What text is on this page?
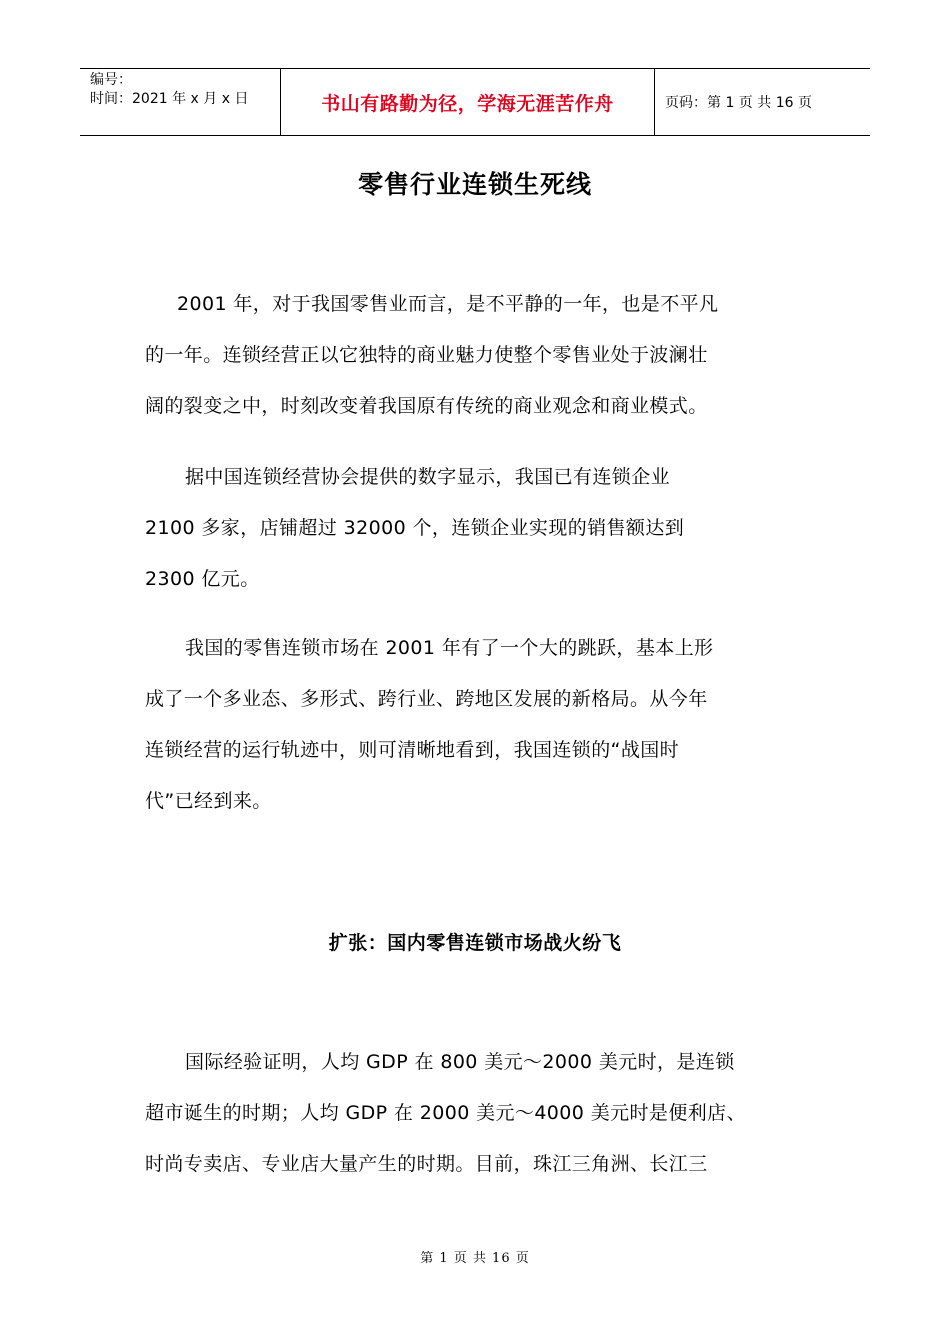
编号：
时间：2021 年 x 月 x 日	书山有路勤为径，学海无涯苦作舟	页码：第 1 页 共 16 页
零售行业连锁生死线
2001 年，对于我国零售业而言，是不平静的一年，也是不平凡
的一年。连锁经营正以它独特的商业魅力使整个零售业处于波澜壮
阔的裂变之中，时刻改变着我国原有传统的商业观念和商业模式。
据中国连锁经营协会提供的数字显示，我国已有连锁企业
2100 多家，店铺超过 32000 个，连锁企业实现的销售额达到
2300 亿元。
我国的零售连锁市场在 2001 年有了一个大的跳跃，基本上形
成了一个多业态、多形式、跨行业、跨地区发展的新格局。从今年
连锁经营的运行轨迹中，则可清晰地看到，我国连锁的“战国时
代”已经到来。
扩张：国内零售连锁市场战火纷飞
国际经验证明，人均 GDP 在 800 美元～2000 美元时，是连锁
超市诞生的时期；人均 GDP 在 2000 美元～4000 美元时是便利店、
时尚专卖店、专业店大量产生的时期。目前，珠江三角洲、长江三
第 1 页 共 16 页
